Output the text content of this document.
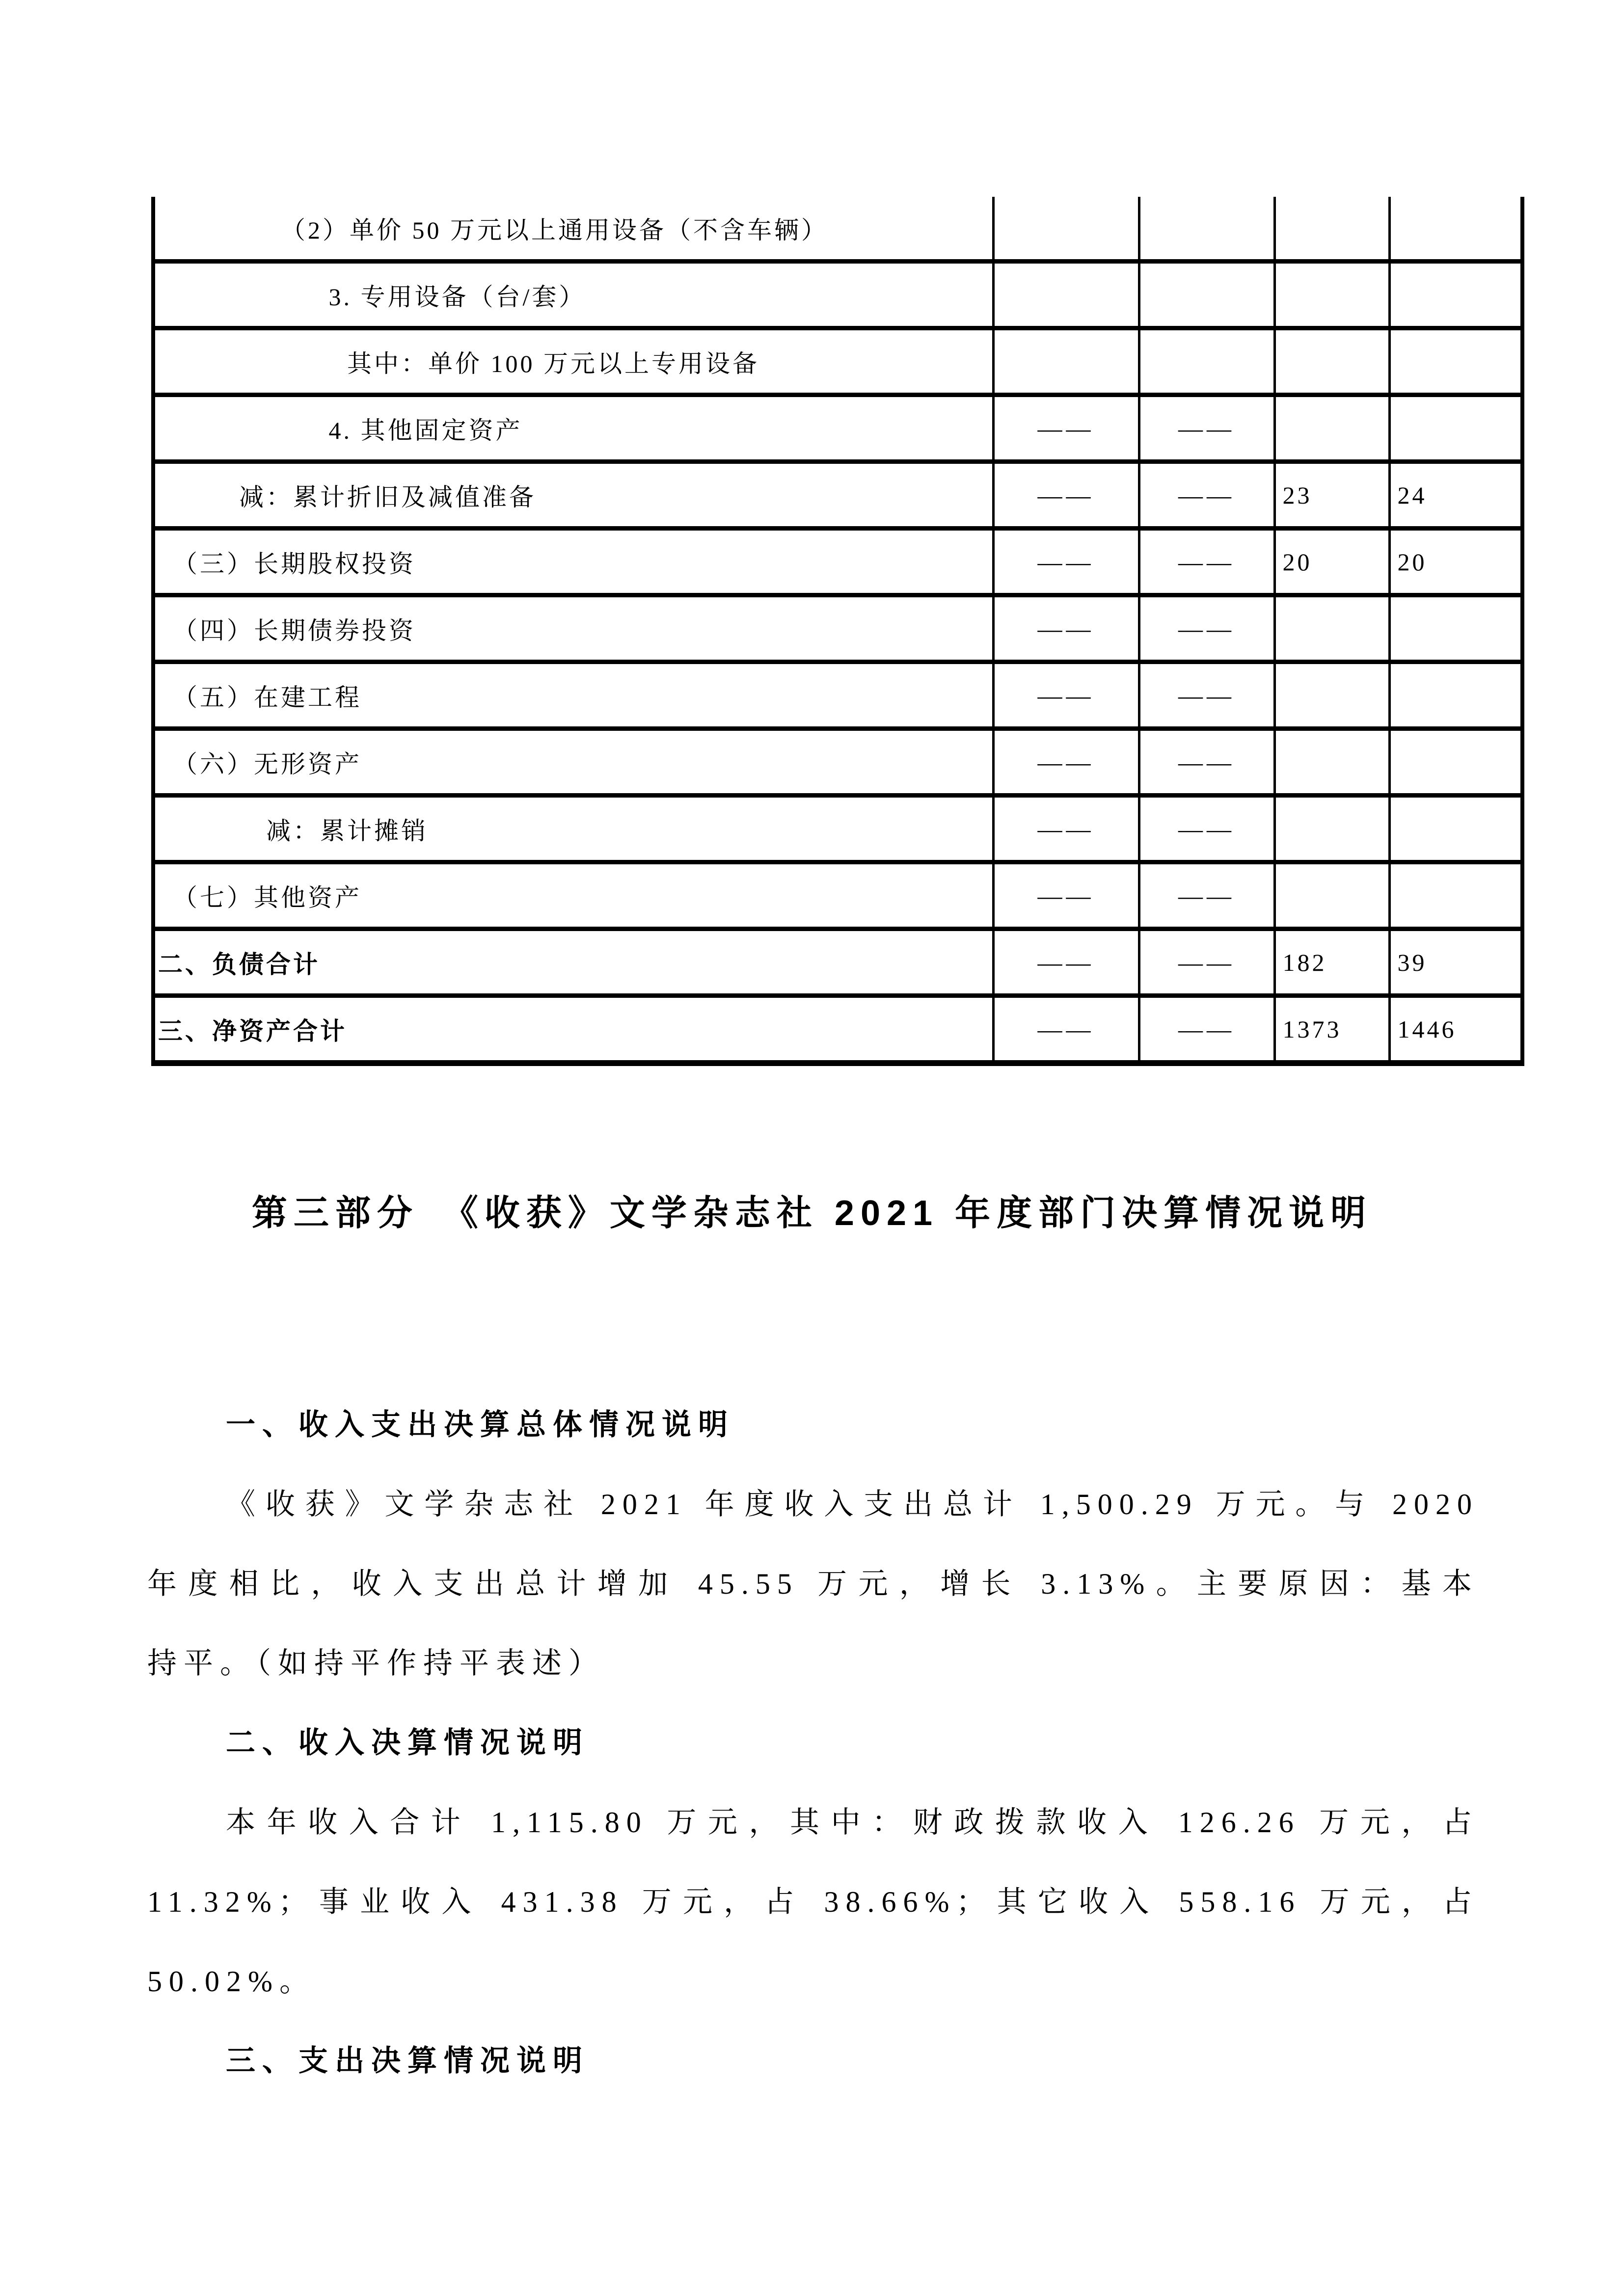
　　　　　（2）单价 50 万元以上通用设备（不含车辆）				
　　　　　　 3. 专用设备（台/套）				
　　　　　　　其中：单价 100 万元以上专用设备				
　　　　　　 4. 其他固定资产	——	——		
　　　减：累计折旧及减值准备	——	——	23	24
　（三）长期股权投资	——	——	20	20
　（四）长期债券投资	——	——		
　（五）在建工程	——	——		
　（六）无形资产	——	——		
　　　　减：累计摊销	——	——		
　（七）其他资产	——	——		
二、负债合计	——	——	182	39
三、净资产合计	——	——	1373	1446
第三部分　《收获》文学杂志社 2021 年度部门决算情况说明
一、收入支出决算总体情况说明
《收获》文学杂志社 2021 年度收入支出总计 1,500.29 万元。与 2020
年度相比，收入支出总计增加 45.55 万元，增长 3.13%。主要原因：基本
持平。（如持平作持平表述）
二、收入决算情况说明
本年收入合计 1,115.80 万元，其中：财政拨款收入 126.26 万元，占
11.32%；事业收入 431.38 万元，占 38.66%；其它收入 558.16 万元，占
50.02%。
三、支出决算情况说明
